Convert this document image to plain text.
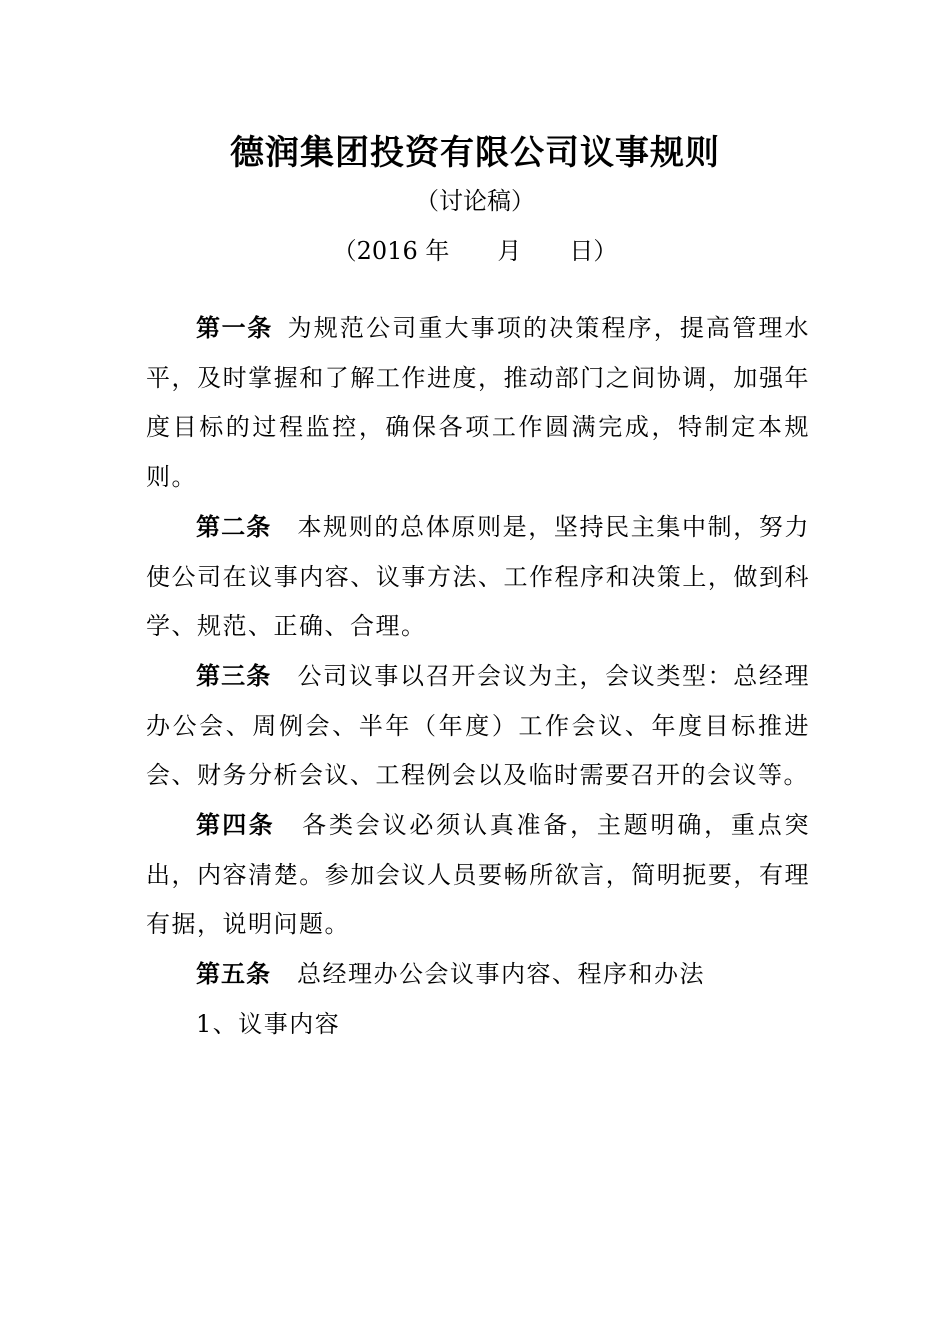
德润集团投资有限公司议事规则
（讨论稿）
（2016 年　　月　　日）

第一条 为规范公司重大事项的决策程序，提高管理水平，及时掌握和了解工作进度，推动部门之间协调，加强年度目标的过程监控，确保各项工作圆满完成，特制定本规则。

第二条 本规则的总体原则是，坚持民主集中制，努力使公司在议事内容、议事方法、工作程序和决策上，做到科学、规范、正确、合理。

第三条 公司议事以召开会议为主，会议类型：总经理办公会、周例会、半年（年度）工作会议、年度目标推进会、财务分析会议、工程例会以及临时需要召开的会议等。

第四条 各类会议必须认真准备，主题明确，重点突出，内容清楚。参加会议人员要畅所欲言，简明扼要，有理有据，说明问题。

第五条 总经理办公会议事内容、程序和办法

1、议事内容
